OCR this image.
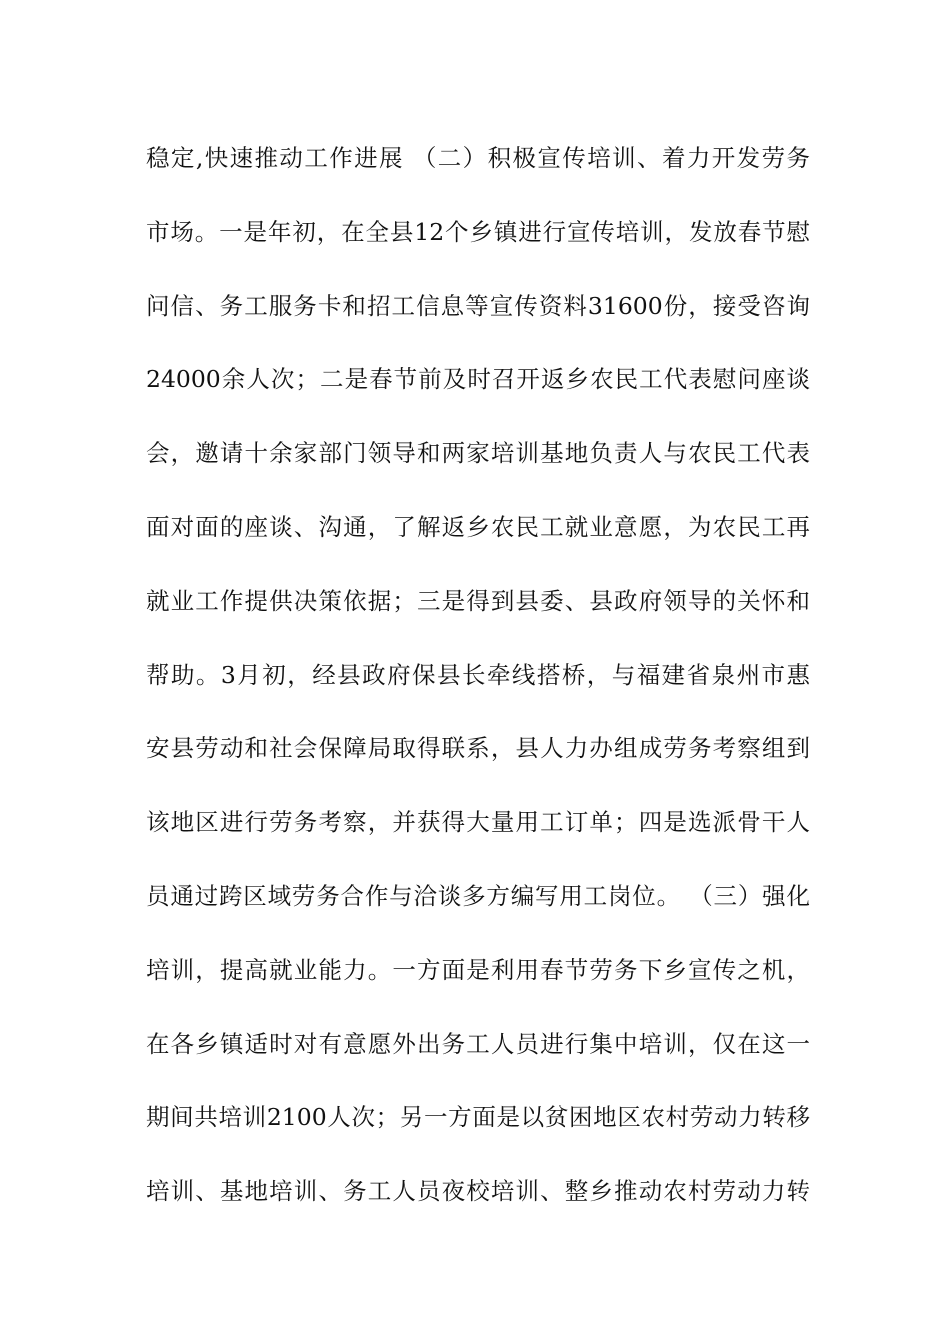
稳定,快速推动工作进展 （二）积极宣传培训、着力开发劳务
市场。一是年初，在全县12个乡镇进行宣传培训，发放春节慰
问信、务工服务卡和招工信息等宣传资料31600份，接受咨询
24000余人次；二是春节前及时召开返乡农民工代表慰问座谈
会，邀请十余家部门领导和两家培训基地负责人与农民工代表
面对面的座谈、沟通，了解返乡农民工就业意愿，为农民工再
就业工作提供决策依据；三是得到县委、县政府领导的关怀和
帮助。3月初，经县政府保县长牵线搭桥，与福建省泉州市惠
安县劳动和社会保障局取得联系，县人力办组成劳务考察组到
该地区进行劳务考察，并获得大量用工订单；四是选派骨干人
员通过跨区域劳务合作与洽谈多方编写用工岗位。 （三）强化
培训，提高就业能力。一方面是利用春节劳务下乡宣传之机，
在各乡镇适时对有意愿外出务工人员进行集中培训，仅在这一
期间共培训2100人次；另一方面是以贫困地区农村劳动力转移
培训、基地培训、务工人员夜校培训、整乡推动农村劳动力转
